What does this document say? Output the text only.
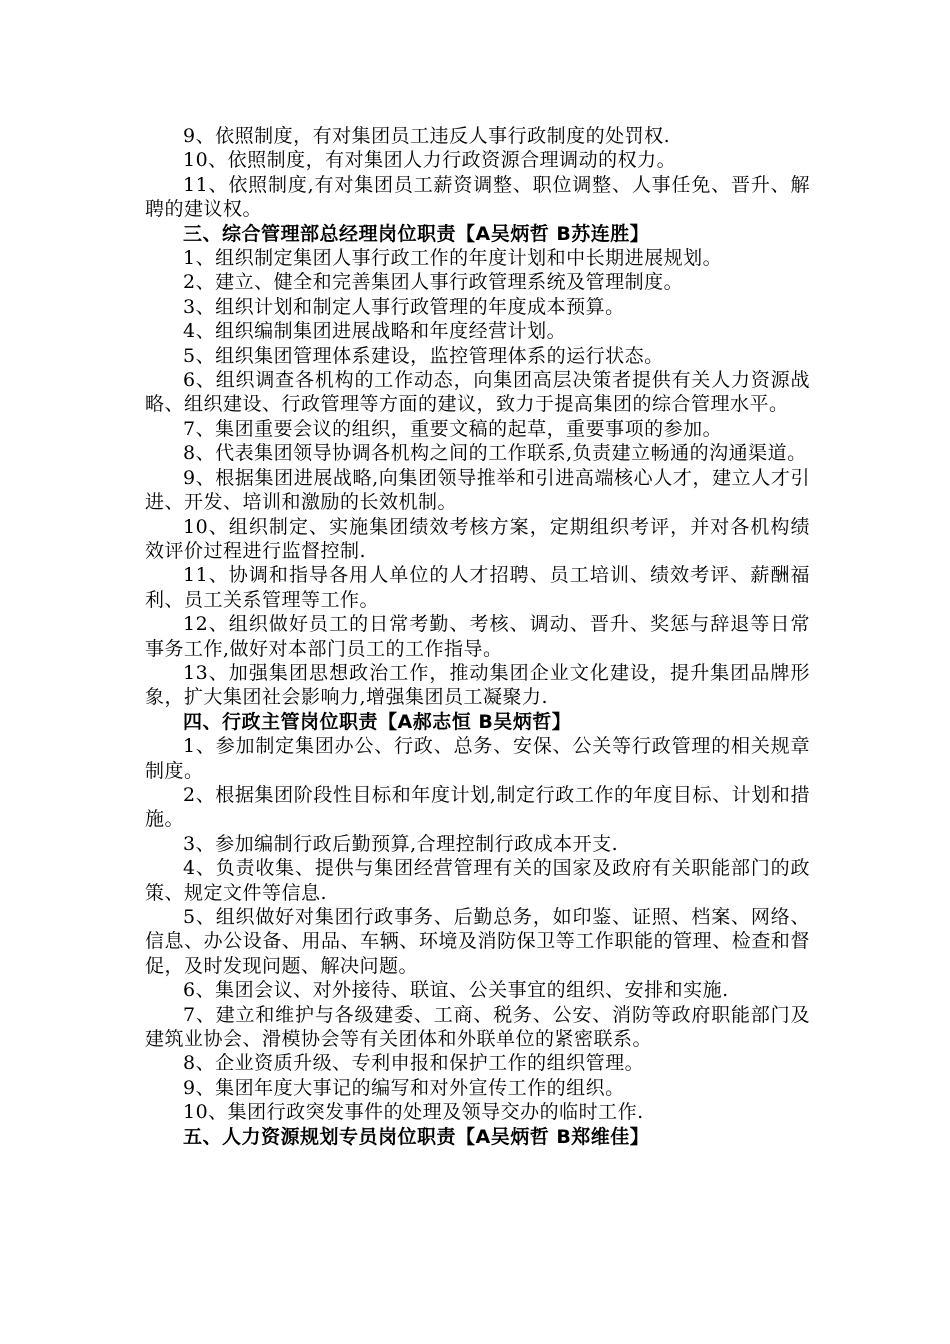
9、依照制度，有对集团员工违反人事行政制度的处罚权.

10、依照制度，有对集团人力行政资源合理调动的权力。

11、依照制度,有对集团员工薪资调整、职位调整、人事任免、晋升、解聘的建议权。

三、综合管理部总经理岗位职责【A吴炳哲 B苏连胜】

1、组织制定集团人事行政工作的年度计划和中长期进展规划。

2、建立、健全和完善集团人事行政管理系统及管理制度。

3、组织计划和制定人事行政管理的年度成本预算。

4、组织编制集团进展战略和年度经营计划。

5、组织集团管理体系建设，监控管理体系的运行状态。

6、组织调查各机构的工作动态，向集团高层决策者提供有关人力资源战略、组织建设、行政管理等方面的建议，致力于提高集团的综合管理水平。

7、集团重要会议的组织，重要文稿的起草，重要事项的参加。

8、代表集团领导协调各机构之间的工作联系,负责建立畅通的沟通渠道。

9、根据集团进展战略,向集团领导推举和引进高端核心人才，建立人才引进、开发、培训和激励的长效机制。

10、组织制定、实施集团绩效考核方案，定期组织考评，并对各机构绩效评价过程进行监督控制.

11、协调和指导各用人单位的人才招聘、员工培训、绩效考评、薪酬福利、员工关系管理等工作。

12、组织做好员工的日常考勤、考核、调动、晋升、奖惩与辞退等日常事务工作,做好对本部门员工的工作指导。

13、加强集团思想政治工作，推动集团企业文化建设，提升集团品牌形象，扩大集团社会影响力,增强集团员工凝聚力.

四、行政主管岗位职责【A郝志恒 B吴炳哲】

1、参加制定集团办公、行政、总务、安保、公关等行政管理的相关规章制度。

2、根据集团阶段性目标和年度计划,制定行政工作的年度目标、计划和措施。

3、参加编制行政后勤预算,合理控制行政成本开支.

4、负责收集、提供与集团经营管理有关的国家及政府有关职能部门的政策、规定文件等信息.

5、组织做好对集团行政事务、后勤总务，如印鉴、证照、档案、网络、信息、办公设备、用品、车辆、环境及消防保卫等工作职能的管理、检查和督促，及时发现问题、解决问题。

6、集团会议、对外接待、联谊、公关事宜的组织、安排和实施.

7、建立和维护与各级建委、工商、税务、公安、消防等政府职能部门及建筑业协会、滑模协会等有关团体和外联单位的紧密联系。

8、企业资质升级、专利申报和保护工作的组织管理。

9、集团年度大事记的编写和对外宣传工作的组织。

10、集团行政突发事件的处理及领导交办的临时工作.

五、人力资源规划专员岗位职责【A吴炳哲 B郑维佳】
